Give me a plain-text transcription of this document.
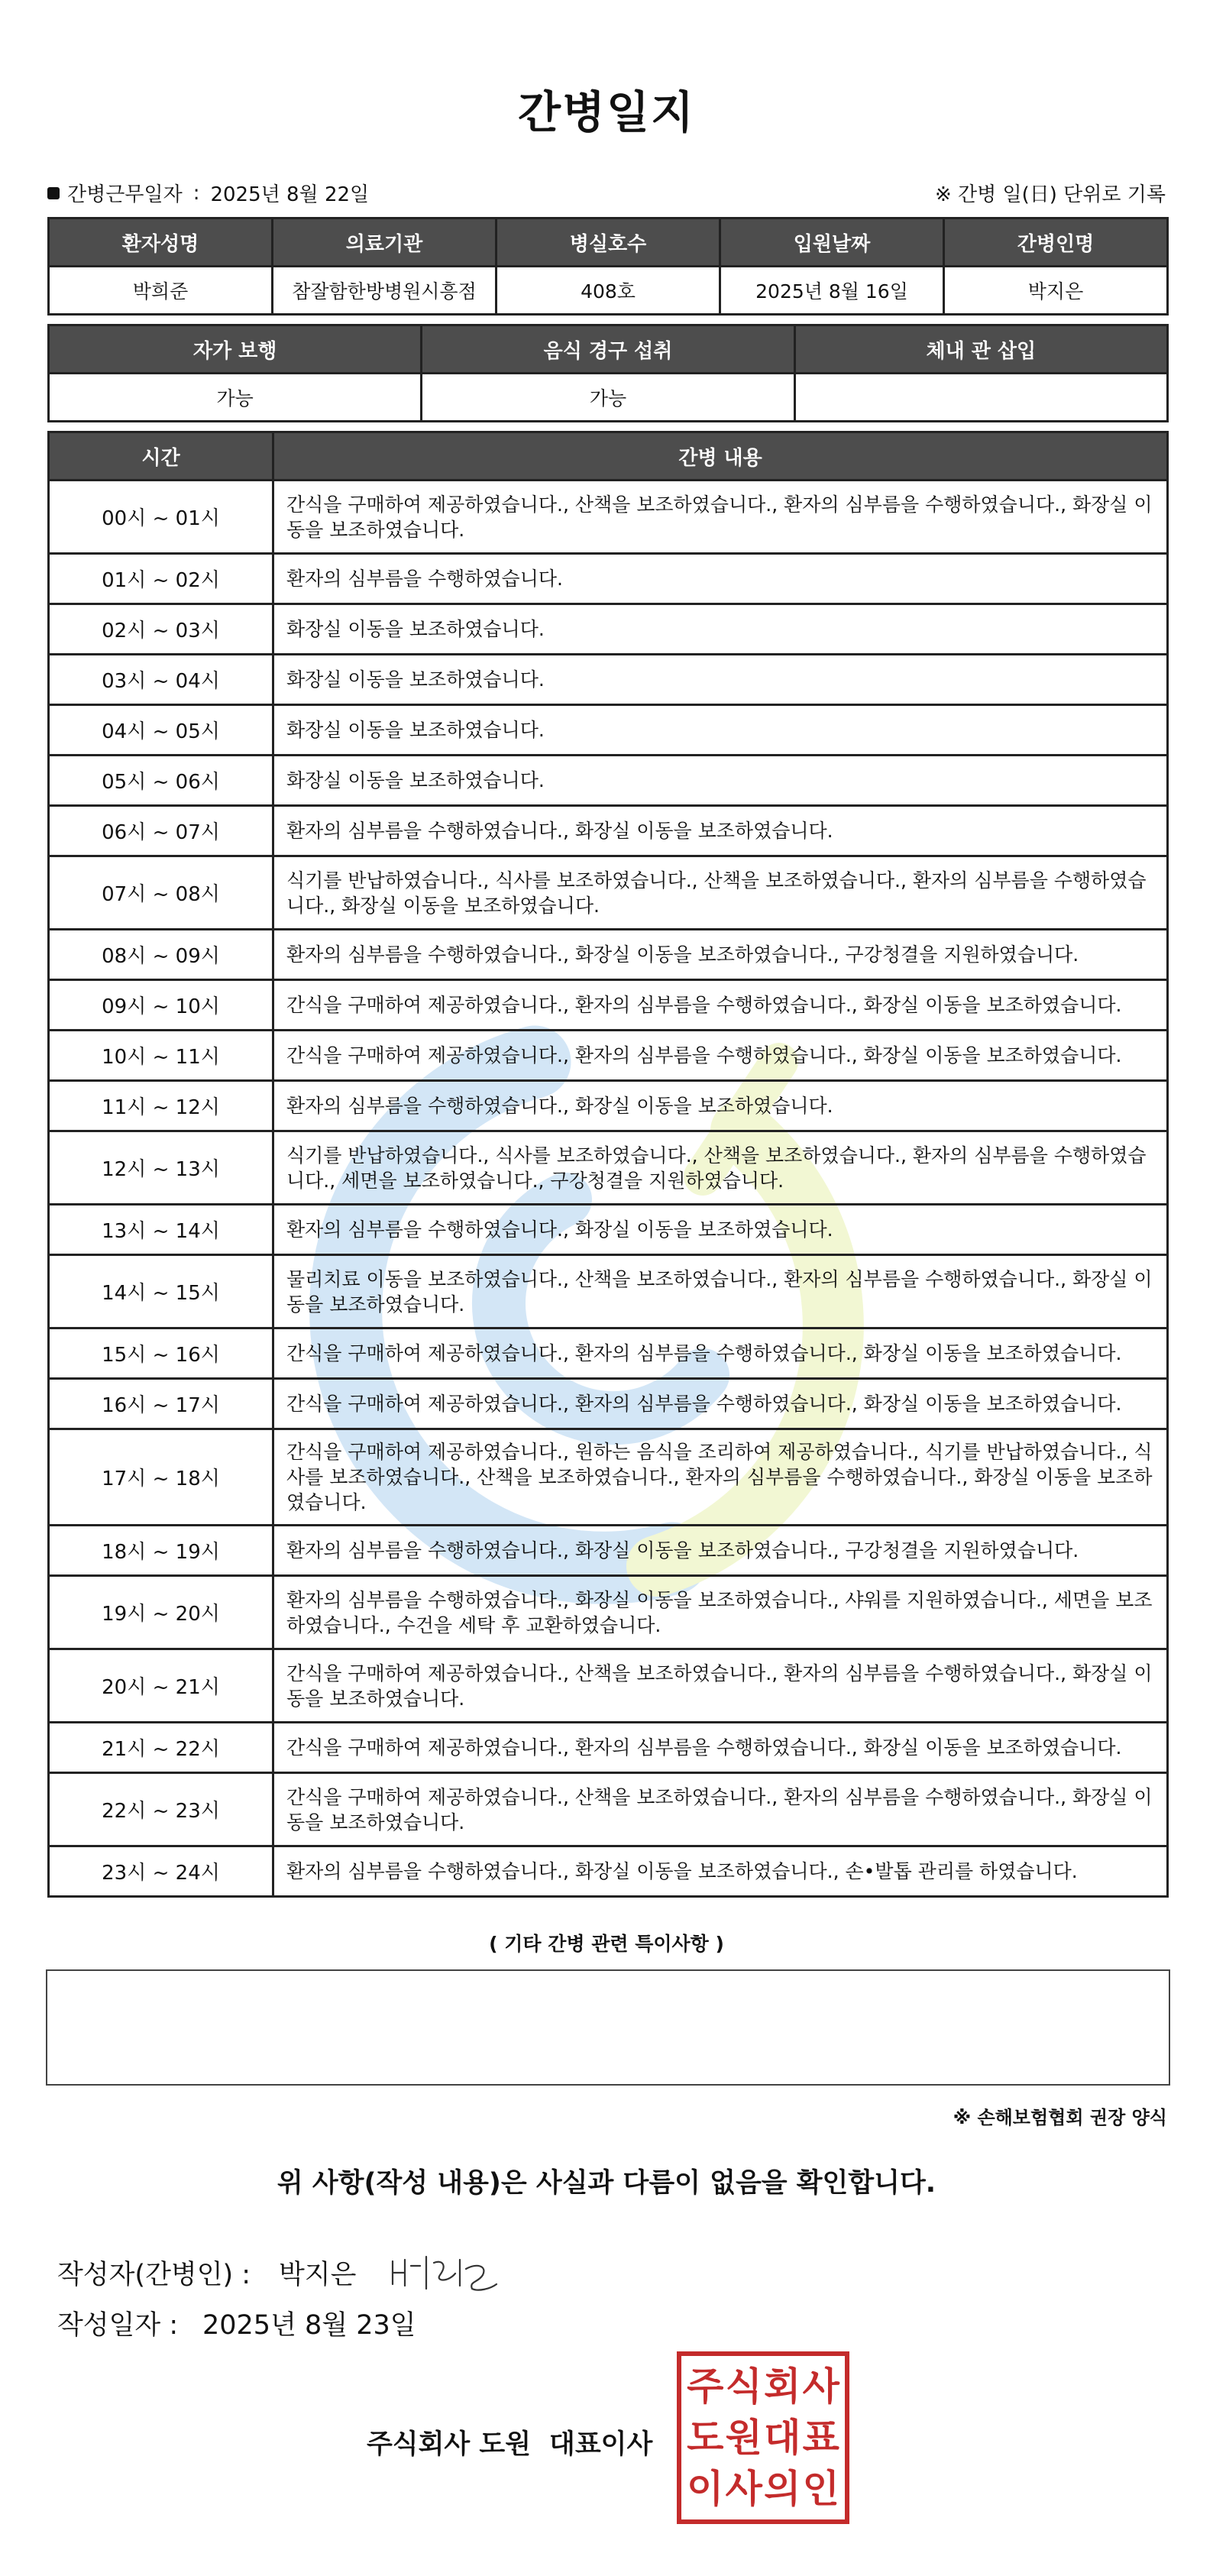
간병일지
간병근무일자 : 2025년 8월 22일	※ 간병 일(日) 단위로 기록
환자성명	의료기관	병실호수	입원날짜	간병인명
박희준	참잘함한방병원시흥점	408호	2025년 8월 16일	박지은
자가 보행	음식 경구 섭취	체내 관 삽입
가능	가능	
시간	간병 내용
00시 ~ 01시	간식을 구매하여 제공하였습니다., 산책을 보조하였습니다., 환자의 심부름을 수행하였습니다., 화장실 이동을 보조하였습니다.
01시 ~ 02시	환자의 심부름을 수행하였습니다.
02시 ~ 03시	화장실 이동을 보조하였습니다.
03시 ~ 04시	화장실 이동을 보조하였습니다.
04시 ~ 05시	화장실 이동을 보조하였습니다.
05시 ~ 06시	화장실 이동을 보조하였습니다.
06시 ~ 07시	환자의 심부름을 수행하였습니다., 화장실 이동을 보조하였습니다.
07시 ~ 08시	식기를 반납하였습니다., 식사를 보조하였습니다., 산책을 보조하였습니다., 환자의 심부름을 수행하였습니다., 화장실 이동을 보조하였습니다.
08시 ~ 09시	환자의 심부름을 수행하였습니다., 화장실 이동을 보조하였습니다., 구강청결을 지원하였습니다.
09시 ~ 10시	간식을 구매하여 제공하였습니다., 환자의 심부름을 수행하였습니다., 화장실 이동을 보조하였습니다.
10시 ~ 11시	간식을 구매하여 제공하였습니다., 환자의 심부름을 수행하였습니다., 화장실 이동을 보조하였습니다.
11시 ~ 12시	환자의 심부름을 수행하였습니다., 화장실 이동을 보조하였습니다.
12시 ~ 13시	식기를 반납하였습니다., 식사를 보조하였습니다., 산책을 보조하였습니다., 환자의 심부름을 수행하였습니다., 세면을 보조하였습니다., 구강청결을 지원하였습니다.
13시 ~ 14시	환자의 심부름을 수행하였습니다., 화장실 이동을 보조하였습니다.
14시 ~ 15시	물리치료 이동을 보조하였습니다., 산책을 보조하였습니다., 환자의 심부름을 수행하였습니다., 화장실 이동을 보조하였습니다.
15시 ~ 16시	간식을 구매하여 제공하였습니다., 환자의 심부름을 수행하였습니다., 화장실 이동을 보조하였습니다.
16시 ~ 17시	간식을 구매하여 제공하였습니다., 환자의 심부름을 수행하였습니다., 화장실 이동을 보조하였습니다.
17시 ~ 18시	간식을 구매하여 제공하였습니다., 원하는 음식을 조리하여 제공하였습니다., 식기를 반납하였습니다., 식사를 보조하였습니다., 산책을 보조하였습니다., 환자의 심부름을 수행하였습니다., 화장실 이동을 보조하였습니다.
18시 ~ 19시	환자의 심부름을 수행하였습니다., 화장실 이동을 보조하였습니다., 구강청결을 지원하였습니다.
19시 ~ 20시	환자의 심부름을 수행하였습니다., 화장실 이동을 보조하였습니다., 샤워를 지원하였습니다., 세면을 보조하였습니다., 수건을 세탁 후 교환하였습니다.
20시 ~ 21시	간식을 구매하여 제공하였습니다., 산책을 보조하였습니다., 환자의 심부름을 수행하였습니다., 화장실 이동을 보조하였습니다.
21시 ~ 22시	간식을 구매하여 제공하였습니다., 환자의 심부름을 수행하였습니다., 화장실 이동을 보조하였습니다.
22시 ~ 23시	간식을 구매하여 제공하였습니다., 산책을 보조하였습니다., 환자의 심부름을 수행하였습니다., 화장실 이동을 보조하였습니다.
23시 ~ 24시	환자의 심부름을 수행하였습니다., 화장실 이동을 보조하였습니다., 손•발톱 관리를 하였습니다.
( 기타 간병 관련 특이사항 )
※ 손해보험협회 권장 양식
위 사항(작성 내용)은 사실과 다름이 없음을 확인합니다.
작성자(간병인) :	박지은
작성일자 : 2025년 8월 23일
주식회사 도원 대표이사
주 식 회 사
도 원 대 표
이 사 의 인
